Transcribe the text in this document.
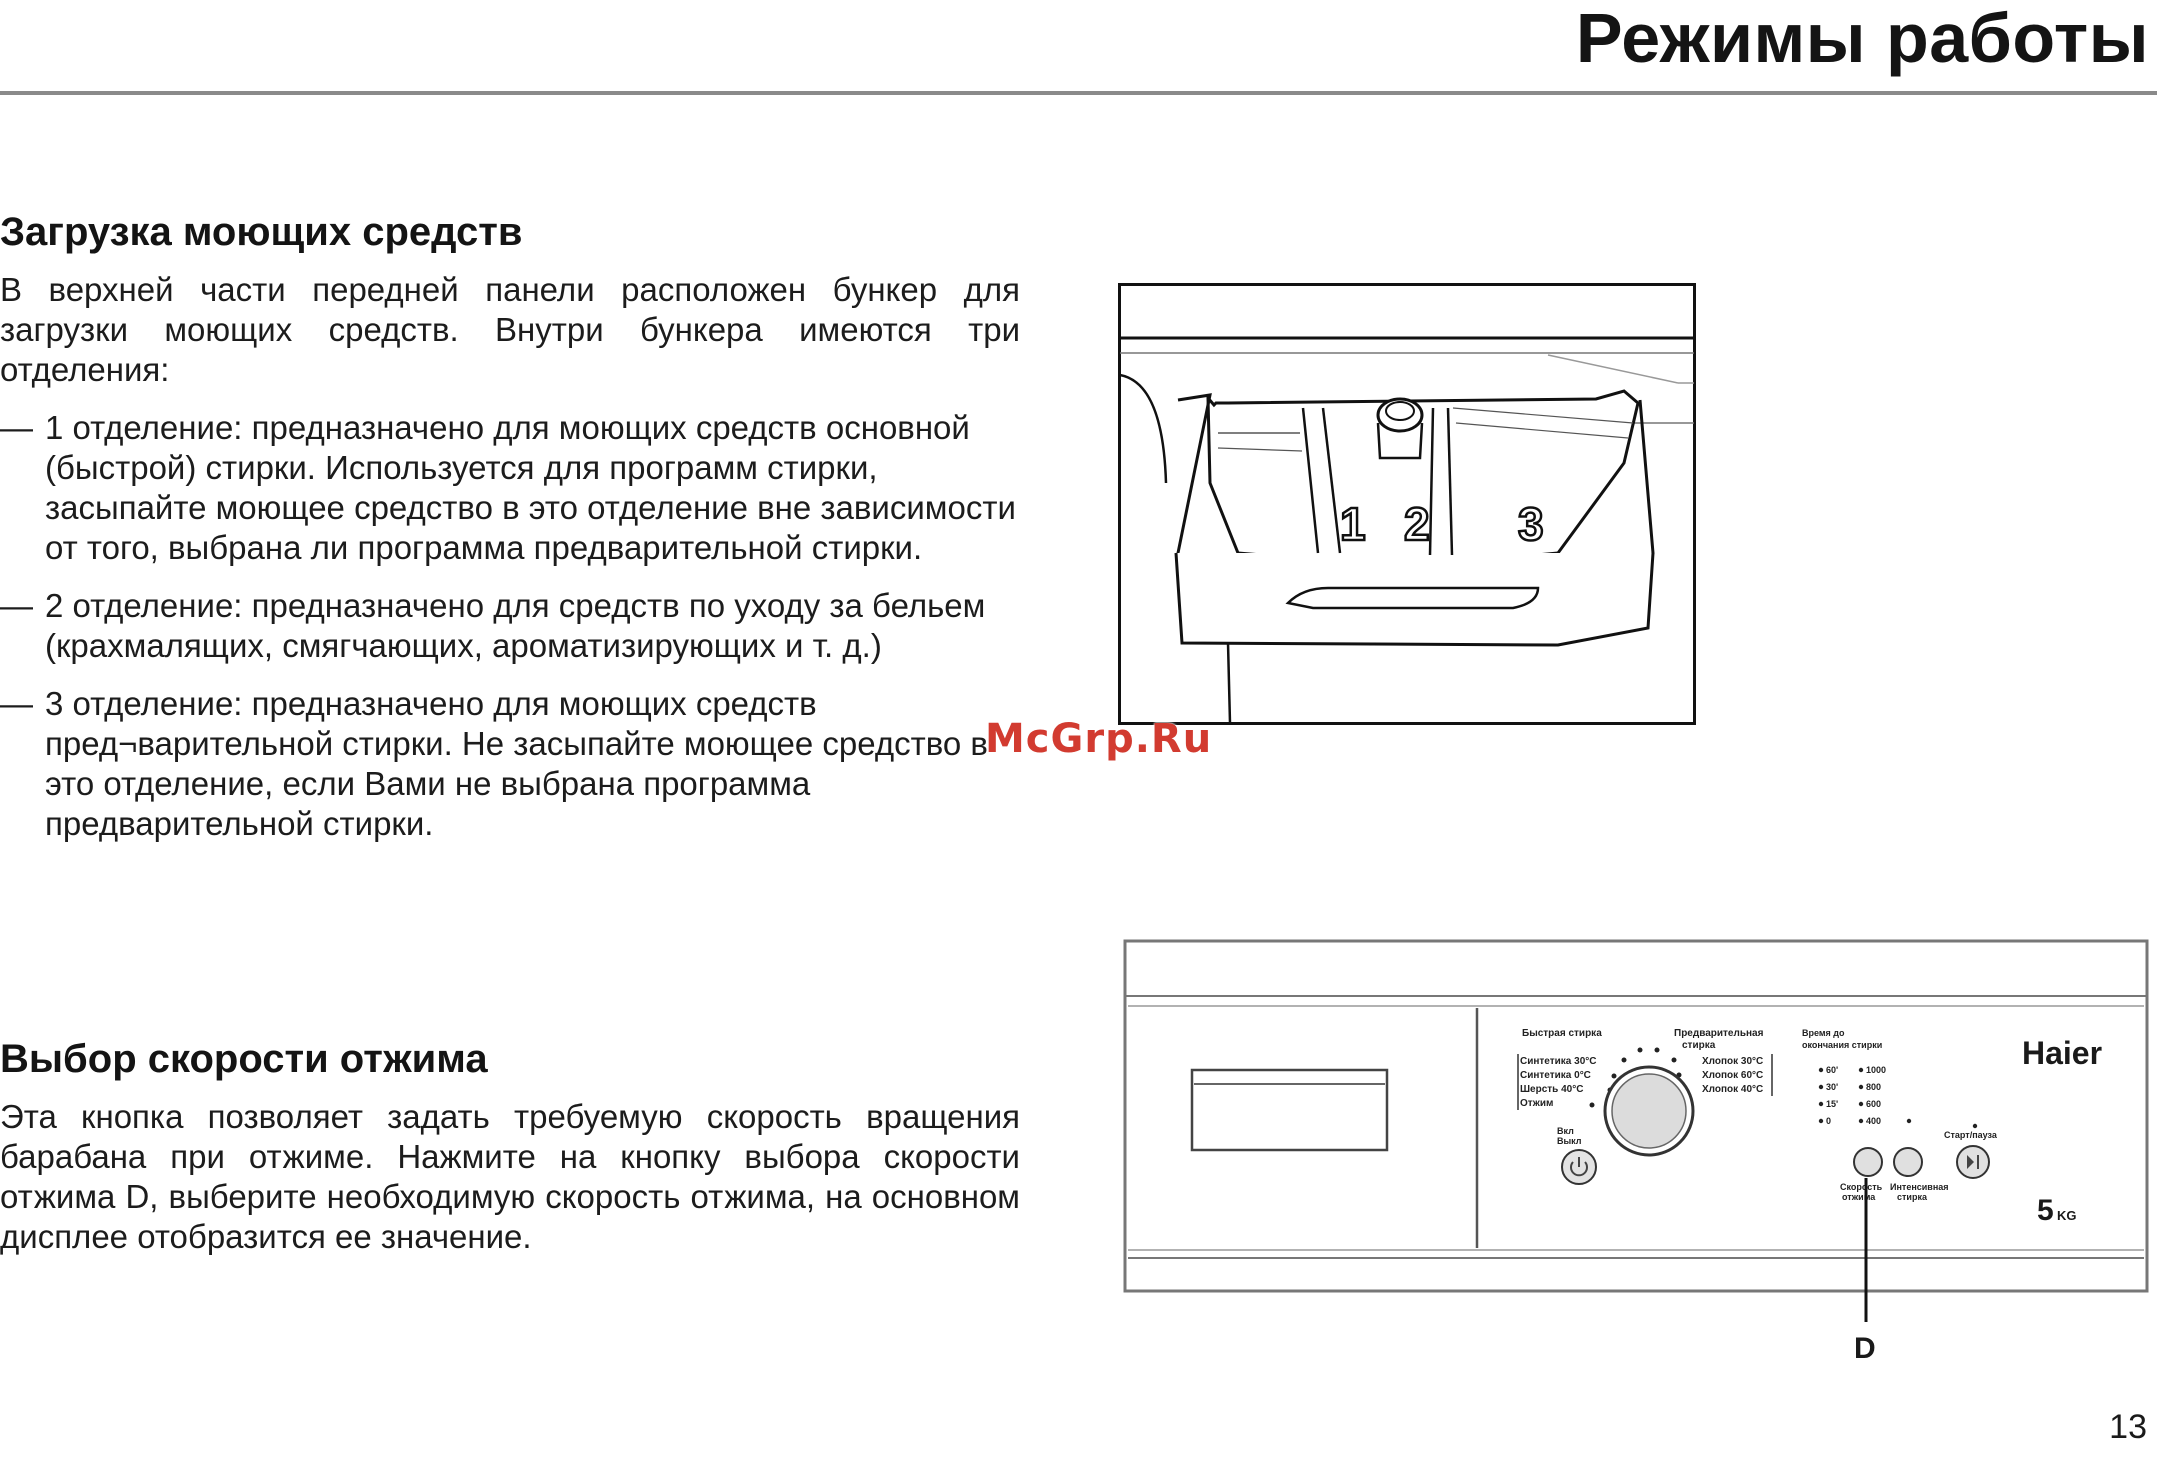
Режимы работы
Загрузка моющих средств

В верхней части передней панели расположен бункер для загрузки моющих средств. Внутри бункера имеются три отделения:

— 1 отделение: предназначено для моющих средств основной (быстрой) стирки. Используется для программ стирки, засыпайте моющее средство в это отделение вне зависимости от того, выбрана ли программа предварительной стирки.
— 2 отделение: предназначено для средств по уходу за бельем (крахмалящих, смягчающих, ароматизирующих и т. д.)
— 3 отделение: предназначено для моющих средств пред¬варительной стирки. Не засыпайте моющее средство в это отделение, если Вами не выбрана программа предварительной стирки.
Выбор скорости отжима

Эта кнопка позволяет задать требуемую скорость вращения барабана при отжиме. Нажмите на кнопку выбора скорости отжима D, выберите необходимую скорость отжима, на основном дисплее отобразится ее значение.

1 2 3
McGrp.Ru
Быстрая стирка	Предварительная
стирка
Синтетика 30°C
Синтетика 0°C
Шерсть 40°C
Отжим
Хлопок 30°C
Хлопок 60°C
Хлопок 40°C
Вкл
Выкл
Время до
окончания стирки
60'
30'
15'
0
1000
800
600
400
Старт/пауза
Скорость
отжима
Интенсивная
стирка
Haier
5 KG
D
13
